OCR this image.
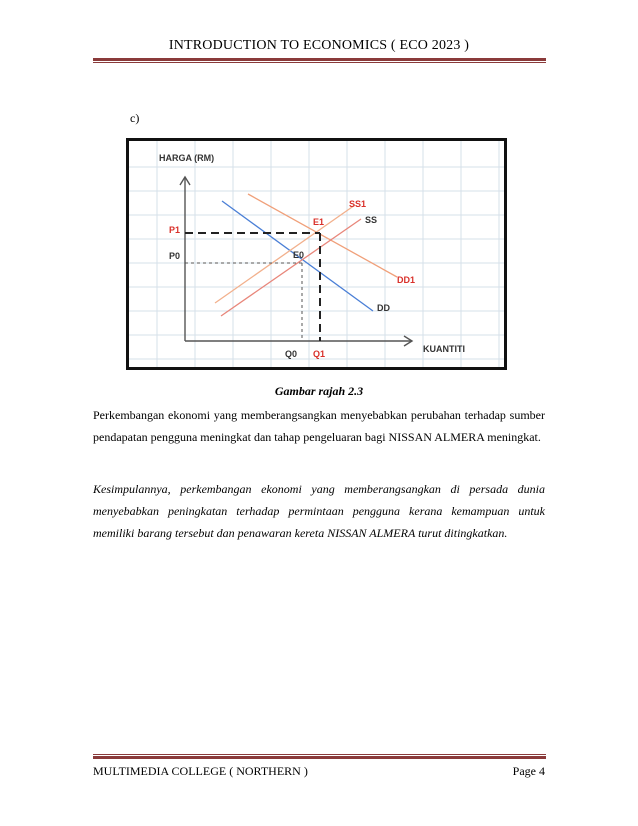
INTRODUCTION TO ECONOMICS ( ECO 2023 )
c)
HARGA (RM)
KUANTITI
P1
P0
Q0 Q1
E1
E0
SS1
SS
DD1
DD
Gambar rajah 2.3
Perkembangan ekonomi yang memberangsangkan menyebabkan perubahan terhadap sumber pendapatan pengguna meningkat dan tahap pengeluaran bagi NISSAN ALMERA meningkat.
Kesimpulannya, perkembangan ekonomi yang memberangsangkan di persada dunia menyebabkan peningkatan terhadap permintaan pengguna kerana kemampuan untuk memiliki barang tersebut dan penawaran kereta NISSAN ALMERA turut ditingkatkan.
MULTIMEDIA COLLEGE ( NORTHERN )	Page 4
